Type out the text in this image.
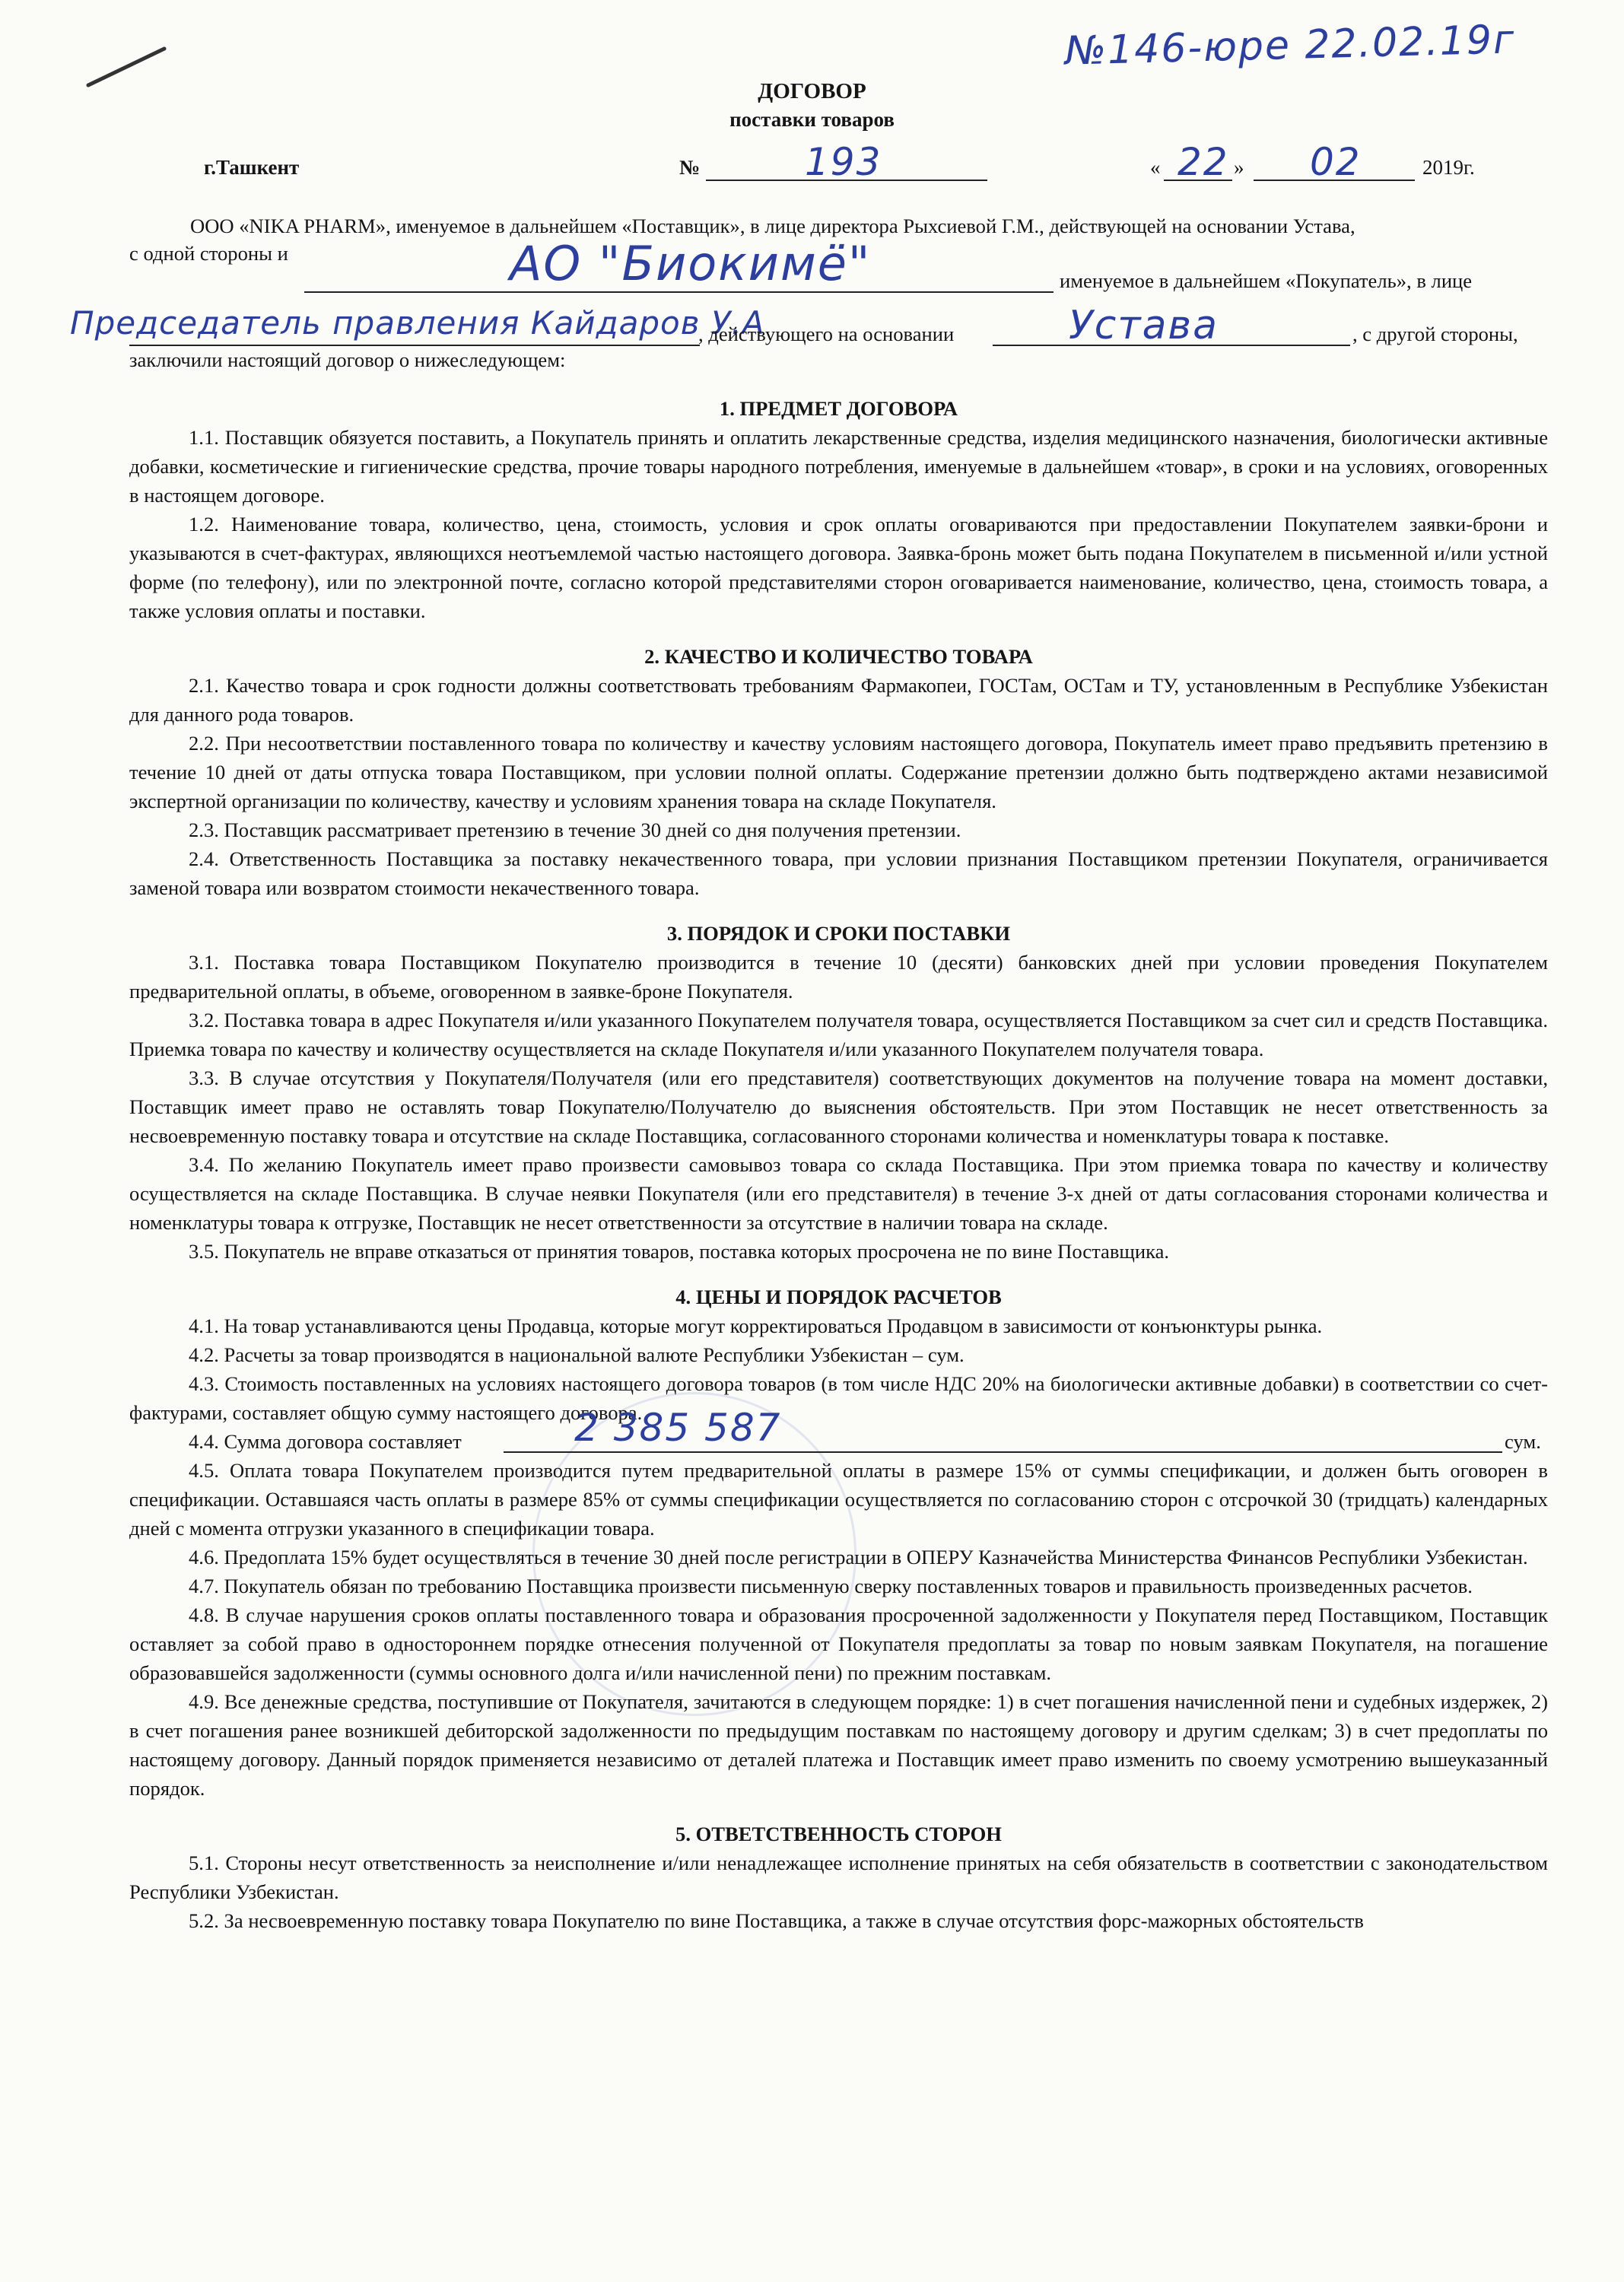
№146-юре 22.02.19г
ДОГОВОР
поставки товаров
г.Ташкент	№	193	« 22 » 02	2019г.
ООО «NIKA PHARM», именуемое в дальнейшем «Поставщик», в лице директора Рыхсиевой Г.М., действующей на основании Устава,
с одной стороны и	АО "Биокимё"	именуемое в дальнейшем «Покупатель», в лице
Председатель правления Кайдаров У.А
, действующего на основании	Устава	, с другой стороны,
заключили настоящий договор о нижеследующем:

1. ПРЕДМЕТ ДОГОВОРА

1.1. Поставщик обязуется поставить, а Покупатель принять и оплатить лекарственные средства, изделия медицинского назначения, биологически активные добавки, косметические и гигиенические средства, прочие товары народного потребления, именуемые в дальнейшем «товар», в сроки и на условиях, оговоренных в настоящем договоре.

1.2. Наименование товара, количество, цена, стоимость, условия и срок оплаты оговариваются при предоставлении Покупателем заявки-брони и указываются в счет-фактурах, являющихся неотъемлемой частью настоящего договора. Заявка-бронь может быть подана Покупателем в письменной и/или устной форме (по телефону), или по электронной почте, согласно которой представителями сторон оговаривается наименование, количество, цена, стоимость товара, а также условия оплаты и поставки.

2. КАЧЕСТВО И КОЛИЧЕСТВО ТОВАРА

2.1. Качество товара и срок годности должны соответствовать требованиям Фармакопеи, ГОСТам, ОСТам и ТУ, установленным в Республике Узбекистан для данного рода товаров.

2.2. При несоответствии поставленного товара по количеству и качеству условиям настоящего договора, Покупатель имеет право предъявить претензию в течение 10 дней от даты отпуска товара Поставщиком, при условии полной оплаты. Содержание претензии должно быть подтверждено актами независимой экспертной организации по количеству, качеству и условиям хранения товара на складе Покупателя.

2.3. Поставщик рассматривает претензию в течение 30 дней со дня получения претензии.

2.4. Ответственность Поставщика за поставку некачественного товара, при условии признания Поставщиком претензии Покупателя, ограничивается заменой товара или возвратом стоимости некачественного товара.

3. ПОРЯДОК И СРОКИ ПОСТАВКИ

3.1. Поставка товара Поставщиком Покупателю производится в течение 10 (десяти) банковских дней при условии проведения Покупателем предварительной оплаты, в объеме, оговоренном в заявке-броне Покупателя.

3.2. Поставка товара в адрес Покупателя и/или указанного Покупателем получателя товара, осуществляется Поставщиком за счет сил и средств Поставщика. Приемка товара по качеству и количеству осуществляется на складе Покупателя и/или указанного Покупателем получателя товара.

3.3. В случае отсутствия у Покупателя/Получателя (или его представителя) соответствующих документов на получение товара на момент доставки, Поставщик имеет право не оставлять товар Покупателю/Получателю до выяснения обстоятельств. При этом Поставщик не несет ответственность за несвоевременную поставку товара и отсутствие на складе Поставщика, согласованного сторонами количества и номенклатуры товара к поставке.

3.4. По желанию Покупатель имеет право произвести самовывоз товара со склада Поставщика. При этом приемка товара по качеству и количеству осуществляется на складе Поставщика. В случае неявки Покупателя (или его представителя) в течение 3-х дней от даты согласования сторонами количества и номенклатуры товара к отгрузке, Поставщик не несет ответственности за отсутствие в наличии товара на складе.

3.5. Покупатель не вправе отказаться от принятия товаров, поставка которых просрочена не по вине Поставщика.

4. ЦЕНЫ И ПОРЯДОК РАСЧЕТОВ

4.1. На товар устанавливаются цены Продавца, которые могут корректироваться Продавцом в зависимости от конъюнктуры рынка.

4.2. Расчеты за товар производятся в национальной валюте Республики Узбекистан – сум.

4.3. Стоимость поставленных на условиях настоящего договора товаров (в том числе НДС 20% на биологически активные добавки) в соответствии со счет-фактурами, составляет общую сумму настоящего договора.

4.4. Сумма договора составляет	2 385 587	сум.

4.5. Оплата товара Покупателем производится путем предварительной оплаты в размере 15% от суммы спецификации, и должен быть оговорен в спецификации. Оставшаяся часть оплаты в размере 85% от суммы спецификации осуществляется по согласованию сторон с отсрочкой 30 (тридцать) календарных дней с момента отгрузки указанного в спецификации товара.

4.6. Предоплата 15% будет осуществляться в течение 30 дней после регистрации в ОПЕРУ Казначейства Министерства Финансов Республики Узбекистан.

4.7. Покупатель обязан по требованию Поставщика произвести письменную сверку поставленных товаров и правильность произведенных расчетов.

4.8. В случае нарушения сроков оплаты поставленного товара и образования просроченной задолженности у Покупателя перед Поставщиком, Поставщик оставляет за собой право в одностороннем порядке отнесения полученной от Покупателя предоплаты за товар по новым заявкам Покупателя, на погашение образовавшейся задолженности (суммы основного долга и/или начисленной пени) по прежним поставкам.

4.9. Все денежные средства, поступившие от Покупателя, зачитаются в следующем порядке: 1) в счет погашения начисленной пени и судебных издержек, 2) в счет погашения ранее возникшей дебиторской задолженности по предыдущим поставкам по настоящему договору и другим сделкам; 3) в счет предоплаты по настоящему договору. Данный порядок применяется независимо от деталей платежа и Поставщик имеет право изменить по своему усмотрению вышеуказанный порядок.

5. ОТВЕТСТВЕННОСТЬ СТОРОН

5.1. Стороны несут ответственность за неисполнение и/или ненадлежащее исполнение принятых на себя обязательств в соответствии с законодательством Республики Узбекистан.

5.2. За несвоевременную поставку товара Покупателю по вине Поставщика, а также в случае отсутствия форс-мажорных обстоятельств
